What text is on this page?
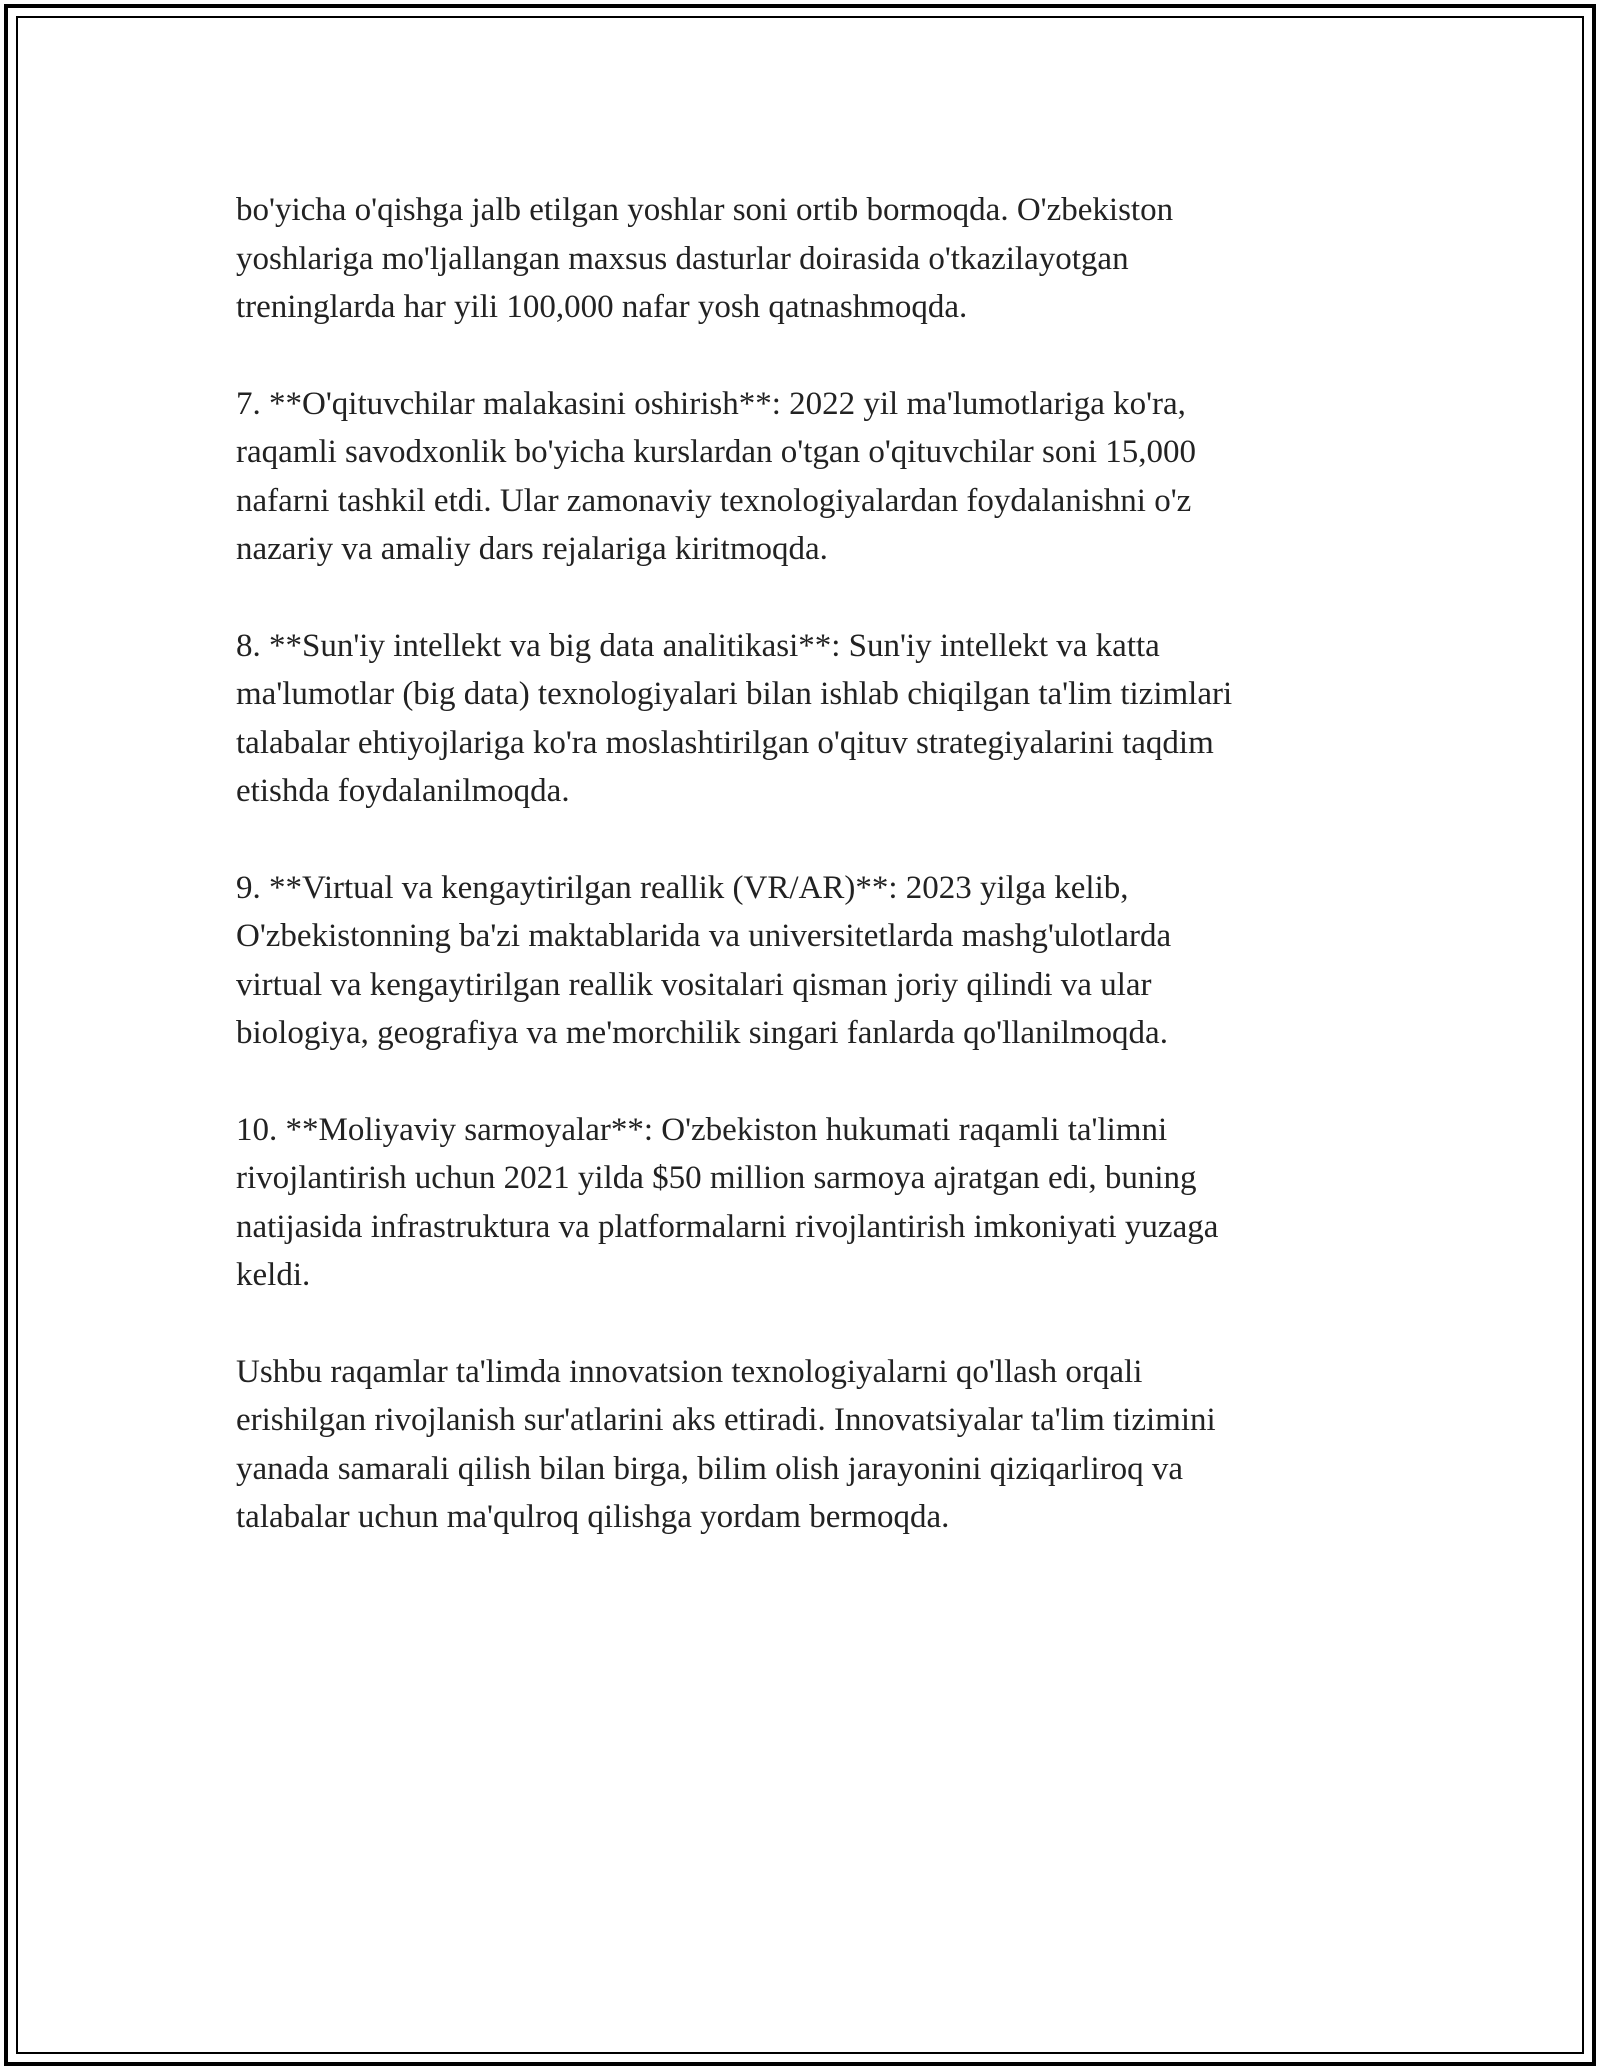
bo'yicha o'qishga jalb etilgan yoshlar soni ortib bormoqda. O'zbekiston
yoshlariga mo'ljallangan maxsus dasturlar doirasida o'tkazilayotgan
treninglarda har yili 100,000 nafar yosh qatnashmoqda.

7. **O'qituvchilar malakasini oshirish**: 2022 yil ma'lumotlariga ko'ra,
raqamli savodxonlik bo'yicha kurslardan o'tgan o'qituvchilar soni 15,000
nafarni tashkil etdi. Ular zamonaviy texnologiyalardan foydalanishni o'z
nazariy va amaliy dars rejalariga kiritmoqda.

8. **Sun'iy intellekt va big data analitikasi**: Sun'iy intellekt va katta
ma'lumotlar (big data) texnologiyalari bilan ishlab chiqilgan ta'lim tizimlari
talabalar ehtiyojlariga ko'ra moslashtirilgan o'qituv strategiyalarini taqdim
etishda foydalanilmoqda.

9. **Virtual va kengaytirilgan reallik (VR/AR)**: 2023 yilga kelib,
O'zbekistonning ba'zi maktablarida va universitetlarda mashg'ulotlarda
virtual va kengaytirilgan reallik vositalari qisman joriy qilindi va ular
biologiya, geografiya va me'morchilik singari fanlarda qo'llanilmoqda.

10. **Moliyaviy sarmoyalar**: O'zbekiston hukumati raqamli ta'limni
rivojlantirish uchun 2021 yilda $50 million sarmoya ajratgan edi, buning
natijasida infrastruktura va platformalarni rivojlantirish imkoniyati yuzaga
keldi.

Ushbu raqamlar ta'limda innovatsion texnologiyalarni qo'llash orqali
erishilgan rivojlanish sur'atlarini aks ettiradi. Innovatsiyalar ta'lim tizimini
yanada samarali qilish bilan birga, bilim olish jarayonini qiziqarliroq va
talabalar uchun ma'qulroq qilishga yordam bermoqda.
